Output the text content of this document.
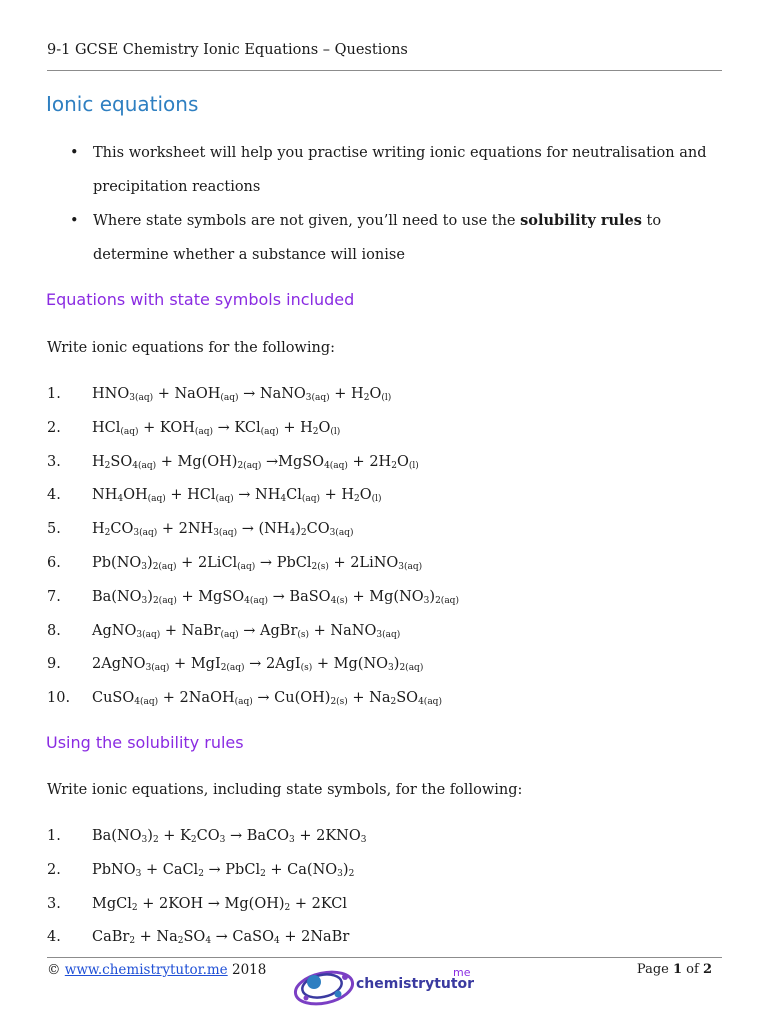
9-1 GCSE Chemistry Ionic Equations – Questions
Ionic equations
• This worksheet will help you practise writing ionic equations for neutralisation and precipitation reactions
• Where state symbols are not given, you’ll need to use the solubility rules to determine whether a substance will ionise
Equations with state symbols included
Write ionic equations for the following:
1. $HNO_{3(aq)}$ + NaOH$_{(aq)}$ → NaNO$_{3(aq)}$ + $H_2O_{(l)}$
2. $HCl_{(aq)} + KOH_{(aq)} \to KCl_{(aq)} + H_2O_{(l)}$
3. $H_2SO_{4(aq)} + Mg(OH)_{2(aq)}$ →MgSO$_{4(aq)}$ + $2H_2O_{(l)}$
4. $NH_4OH_{(aq)} + HCl_{(aq)} \to NH_4Cl_{(aq)} + H_2O_{(l)}$
5. $H_2CO_{3(aq)} + 2NH_{3(aq)} \to (NH_4)_2CO_{3(aq)}$
6. $Pb(NO_3)_{2(aq)}$ + 2LiCl$_{(aq)}$ → PbCl$_{2(s)}$ + 2LiNO$_{3(aq)}$
7. $Ba(NO_3)_{2(aq)}$ + MgSO$_{4(aq)}$ → BaSO$_{4(s)}$ + $Mg(NO_3)_{2(aq)}$
8. AgNO$_{3(aq)}$ + NaBr$_{(aq)}$ → AgBr$_{(s)}$ + NaNO$_{3(aq)}$
9. 2AgNO$_{3(aq)}$ + $MgI_{2(aq)} \to 2AgI_{(s)} + Mg(NO_3)_{2(aq)}$
10. CuSO$_{4(aq)}$ + 2NaOH$_{(aq)}$ → $Cu(OH)_{2(s)} + Na_2SO_{4(aq)}$
Using the solubility rules
Write ionic equations, including state symbols, for the following:
1. $Ba(NO_3)_2 + K_2CO_3$ → BaCO$_3$ + $2KNO_3$
2. PbNO$_3$ + CaCl$_2$ → PbCl$_2$ + $Ca(NO_3)_2$
3. MgCl$_2$ + $2KOH \to Mg(OH)_2 + 2KCl$
4. CaBr$_2$ + $Na_2SO_4$ → CaSO$_4$ + 2NaBr
© www.chemistrytutor.me 2018
chemistrytutor
me	Page 1 of 2
